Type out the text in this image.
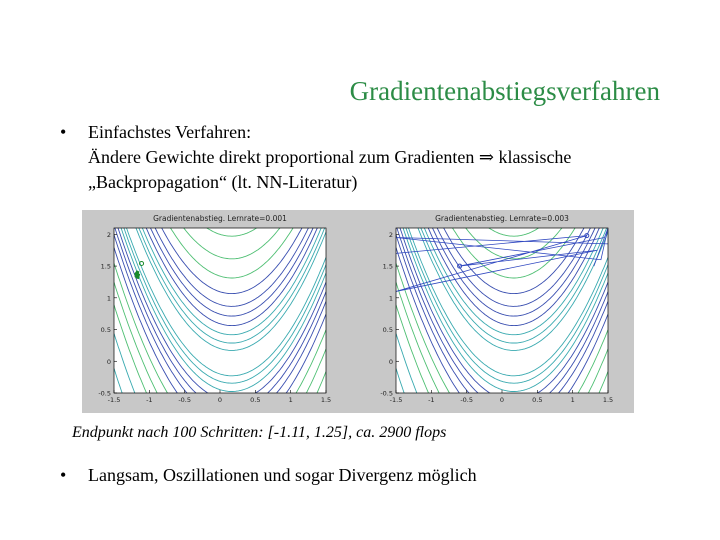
Gradientenabstiegsverfahren
• Einfachstes Verfahren:
Ändere Gewichte direkt proportional zum Gradienten ⇒ klassische
„Backpropagation“ (lt. NN-Literatur)
Gradientenabstieg. Lernrate=0.001
-1.5	-1	-0.5	0	0.5	1	1.5
2
1.5
1
0.5
0
-0.5
Gradientenabstieg. Lernrate=0.003
-1.5	-1	-0.5	0	0.5	1	1.5
2
1.5
1
0.5
0
-0.5
Endpunkt nach 100 Schritten: [-1.11, 1.25], ca. 2900 flops
• Langsam, Oszillationen und sogar Divergenz möglich
